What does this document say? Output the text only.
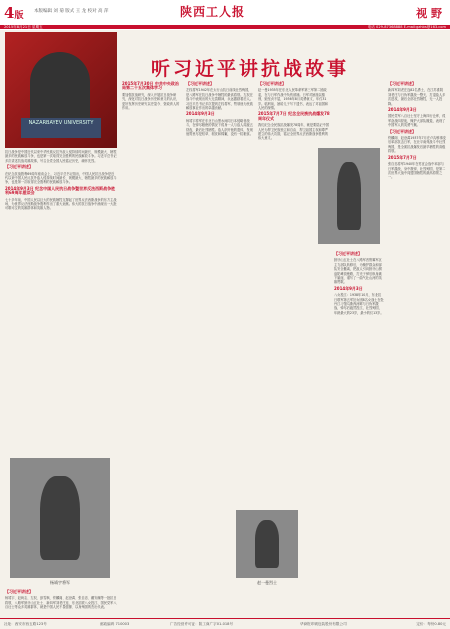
4版 本版编辑 刘 菊 版式 王 龙 校对 高 萍	陕西工人报	视 野
2015年8月21日 星期五	电话 029-87368888 E-mail:gzhbs@163.com
听习近平讲抗战故事
NAZARBAYEV UNIVERSITY
抗日战争是中国近代以来中华民族反抗外敌入侵持续时间最长、规模最大、牺牲最多的民族解放斗争，也是第一次取得完全胜利的民族解放斗争。习近平总书记多次讲述抗战英雄故事，号召全党全国人民铭记历史，缅怀先烈。
【习近平讲述】
在纪念抗战胜利69周年座谈会上，习近平总书记指出，中国人民抗日战争是近代以来中国人民反抗外敌入侵持续时间最长、规模最大、牺牲最多的民族解放斗争，也是第一次取得完全胜利的民族解放斗争。
2014年9月3日 纪念中国人民抗日战争暨世界反法西斯战争胜利69周年座谈会
七十多年前，中国人民以巨大的民族牺牲支撑起了世界反法西斯战争的东方主战场，为世界反法西斯战争胜利作出了重大贡献。伟大的抗日战争中涌现出一大批可歌可泣的英雄群体和英雄人物。
杨靖宇将军
【习近平讲述】
杨靖宇、赵尚志、左权、彭雪枫、佟麟阁、赵登禹、张自忠、戴安澜等一批抗日将领，八路军狼牙山五壮士、新四军刘老庄连、东北抗联八女投江、国民党军八百壮士等众多英雄群体，就是中国人民不畏强暴、以身殉国的杰出代表。
2015年7月30日 中共中央政治局第二十五次集体学习
要加强抗战研究，深入开展抗日战争研究，深化对抗日战争历史和意义的认识，更好发挥历史研究以史鉴今、资政育人的作用。
【习近平讲述】
左权将军1942年在太行山抗日前线壮烈殉国，是八路军在抗日战争中牺牲的最高将领。左权在战斗中表现出的大无畏精神，永远激励着后人。习近平总书记多次提到左权将军，赞颂他为民族解放事业作出的卓越贡献。
2014年9月3日
杨靖宇将军在东北白山黑水间同日本侵略者战斗，在弹尽粮绝的情况下孤身一人与敌人周旋五昼夜，最后壮烈牺牲。敌人剖开他的遗体，发现他胃里尽是枯草、树皮和棉絮，没有一粒粮食。
赵一曼烈士
【习近平讲述】
赵一曼1935年任东北人民革命军第三军第二团政委，在与日军作战中负伤被捕。日军对她施以酷刑，她坚贞不屈，1936年8月英勇就义，年仅31岁。临刑前，她给儿子写下遗书，表达了对祖国和人民的深情。
2015年7月7日 纪念全民族抗战爆发78周年仪式
我们纪念全民族抗战爆发78周年，就是要铭记中国人民为捍卫民族独立和自由、捍卫祖国主权和尊严建立的伟大功勋，铭记全世界反法西斯战争胜利的伟大意义。
【习近平讲述】
狼牙山五壮士在八路军晋察冀军区主力部队转移后，为掩护群众和部队安全撤离，把敌人引向狼牙山棋盘陀峰顶绝路，打光子弹后纵身跳下悬崖，谱写了一曲气壮山河的英雄赞歌。
2014年9月3日
八女投江：1938年10月，东北抗日联军第五军妇女团8名女战士在牡丹江刁翎乌斯浑河畔与日伪军激战，弹尽后毅然投江，壮烈殉国，年龄最大的23岁，最小的仅13岁。
【习近平讲述】
新四军刘老庄连82名勇士，在江苏淮阴刘老庄与日伪军激战一整天，打退敌人多次进攻，最后全部壮烈牺牲，无一人投降。
2014年9月3日
国民党军八百壮士坚守上海四行仓库，孤军奋战四昼夜，掩护大部队撤退，表现了中国军人的英勇气概。
【习近平讲述】
佟麟阁、赵登禹1937年7月在卢沟桥事变后率部抗击日军，在北平南苑战斗中壮烈殉国，是全面抗战爆发后最早牺牲的高级将领。
2015年7月7日
张自忠将军1940年在枣宜会战中率部与日军激战，身中数弹，壮烈殉国，是第二次世界大战中同盟国牺牲的最高将领之一。
社址：西安市西五路123号	邮政编码 710003	广告经营许可证：陕工商广字01-018号	华商报印刷包装股份有限公司	定价：每份0.80元
